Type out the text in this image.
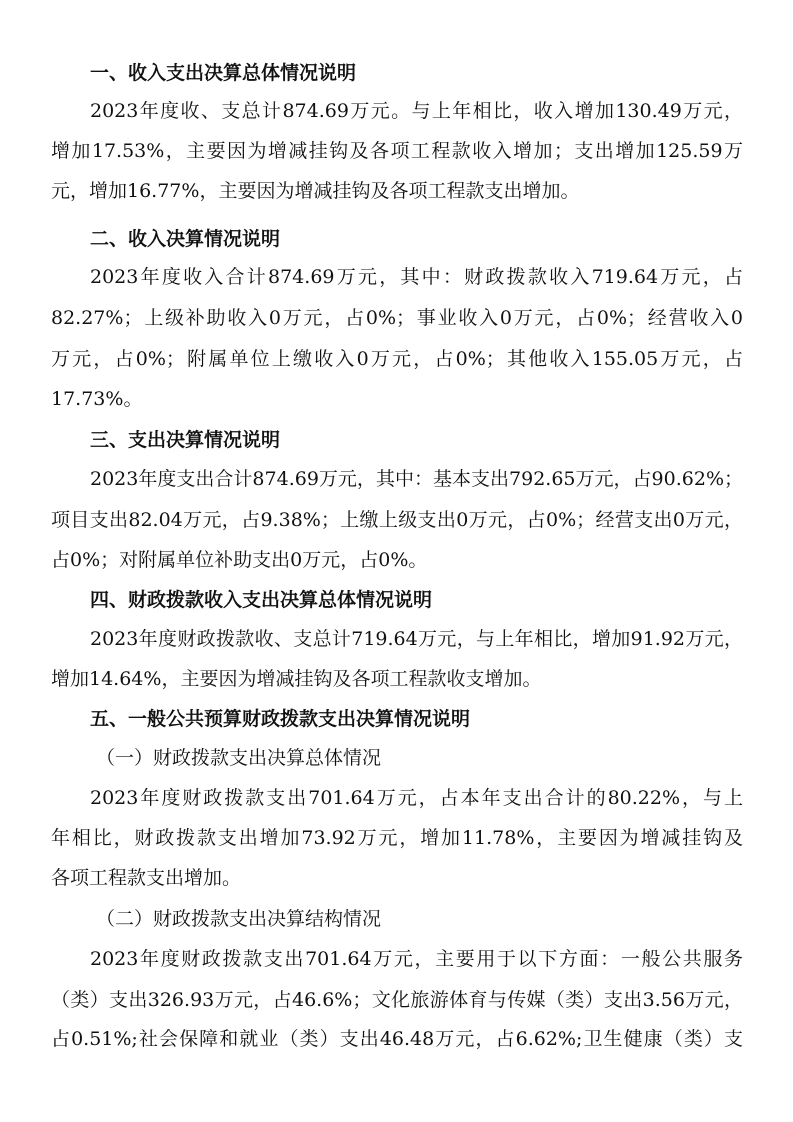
一、收入支出决算总体情况说明
2023年度收、支总计874.69万元。与上年相比，收入增加130.49万元，
增加17.53%，主要因为增减挂钩及各项工程款收入增加；支出增加125.59万
元，增加16.77%，主要因为增减挂钩及各项工程款支出增加。
二、收入决算情况说明
2023年度收入合计874.69万元，其中：财政拨款收入719.64万元，占
82.27%；上级补助收入0万元，占0%；事业收入0万元，占0%；经营收入0
万元，占0%；附属单位上缴收入0万元，占0%；其他收入155.05万元，占
17.73%。
三、支出决算情况说明
2023年度支出合计874.69万元，其中：基本支出792.65万元，占90.62%；
项目支出82.04万元，占9.38%；上缴上级支出0万元，占0%；经营支出0万元，
占0%；对附属单位补助支出0万元，占0%。
四、财政拨款收入支出决算总体情况说明
2023年度财政拨款收、支总计719.64万元，与上年相比，增加91.92万元，
增加14.64%，主要因为增减挂钩及各项工程款收支增加。
五、一般公共预算财政拨款支出决算情况说明
（一）财政拨款支出决算总体情况
2023年度财政拨款支出701.64万元，占本年支出合计的80.22%，与上
年相比，财政拨款支出增加73.92万元，增加11.78%，主要因为增减挂钩及
各项工程款支出增加。
（二）财政拨款支出决算结构情况
2023年度财政拨款支出701.64万元，主要用于以下方面：一般公共服务
（类）支出326.93万元，占46.6%；文化旅游体育与传媒（类）支出3.56万元，
占0.51%;社会保障和就业（类）支出46.48万元，占6.62%;卫生健康（类）支
